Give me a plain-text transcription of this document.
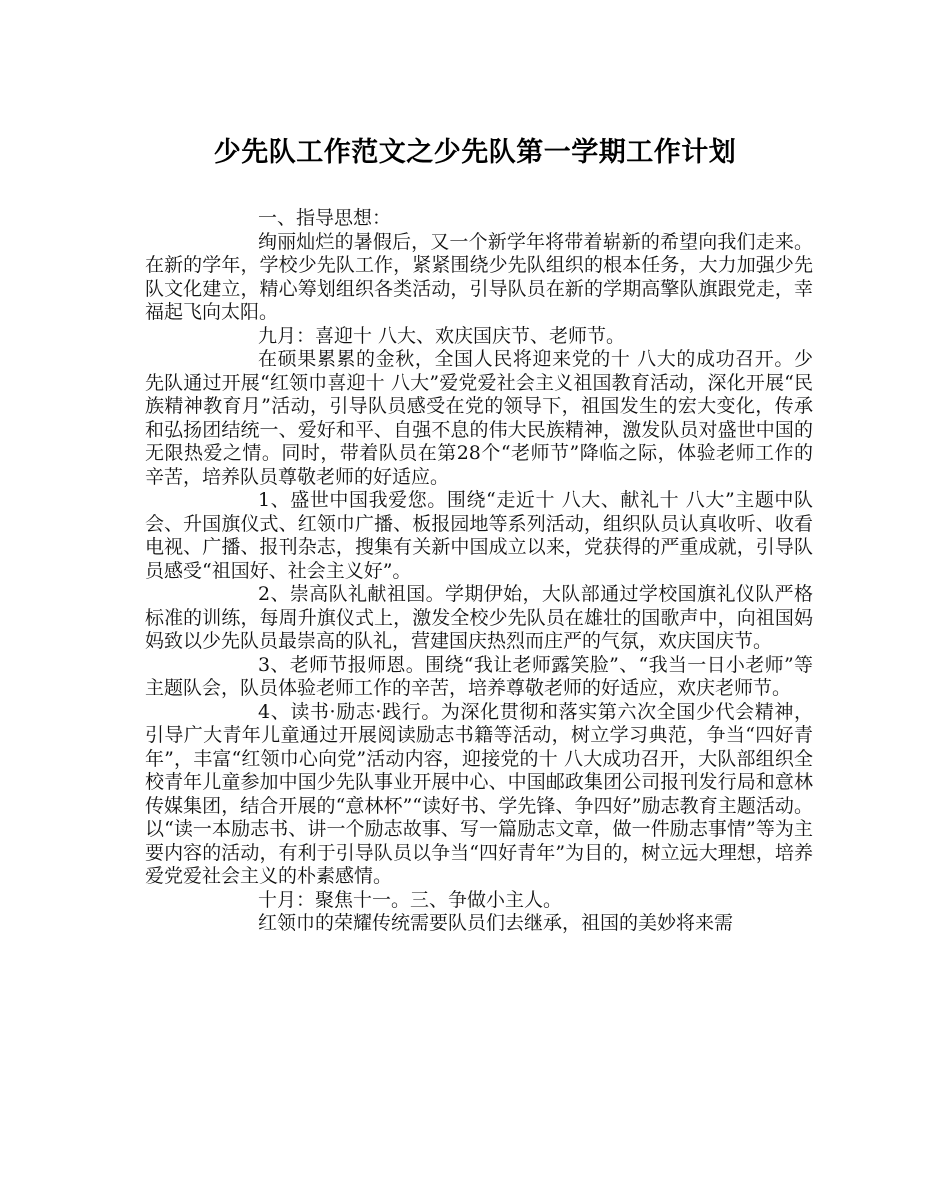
少先队工作范文之少先队第一学期工作计划

一、指导思想：

绚丽灿烂的暑假后，又一个新学年将带着崭新的希望向我们走来。在新的学年，学校少先队工作，紧紧围绕少先队组织的根本任务，大力加强少先队文化建立，精心筹划组织各类活动，引导队员在新的学期高擎队旗跟党走，幸福起飞向太阳。

九月：喜迎十 八大、欢庆国庆节、老师节。

在硕果累累的金秋，全国人民将迎来党的十 八大的成功召开。少先队通过开展“红领巾喜迎十 八大”爱党爱社会主义祖国教育活动，深化开展“民族精神教育月”活动，引导队员感受在党的领导下，祖国发生的宏大变化，传承和弘扬团结统一、爱好和平、自强不息的伟大民族精神，激发队员对盛世中国的无限热爱之情。同时，带着队员在第28个“老师节”降临之际，体验老师工作的辛苦，培养队员尊敬老师的好适应。

1、盛世中国我爱您。围绕“走近十 八大、献礼十 八大”主题中队会、升国旗仪式、红领巾广播、板报园地等系列活动，组织队员认真收听、收看电视、广播、报刊杂志，搜集有关新中国成立以来，党获得的严重成就，引导队员感受“祖国好、社会主义好”。

2、崇高队礼献祖国。学期伊始，大队部通过学校国旗礼仪队严格标准的训练，每周升旗仪式上，激发全校少先队员在雄壮的国歌声中，向祖国妈妈致以少先队员最崇高的队礼，营建国庆热烈而庄严的气氛，欢庆国庆节。

3、老师节报师恩。围绕“我让老师露笑脸”、“我当一日小老师”等主题队会，队员体验老师工作的辛苦，培养尊敬老师的好适应，欢庆老师节。

4、读书·励志·践行。为深化贯彻和落实第六次全国少代会精神，引导广大青年儿童通过开展阅读励志书籍等活动，树立学习典范，争当“四好青年”，丰富“红领巾心向党”活动内容，迎接党的十 八大成功召开，大队部组织全校青年儿童参加中国少先队事业开展中心、中国邮政集团公司报刊发行局和意林传媒集团，结合开展的“意林杯”“读好书、学先锋、争四好”励志教育主题活动。以“读一本励志书、讲一个励志故事、写一篇励志文章，做一件励志事情”等为主要内容的活动，有利于引导队员以争当“四好青年”为目的，树立远大理想，培养爱党爱社会主义的朴素感情。

十月：聚焦十一。三、争做小主人。

红领巾的荣耀传统需要队员们去继承，祖国的美妙将来需
